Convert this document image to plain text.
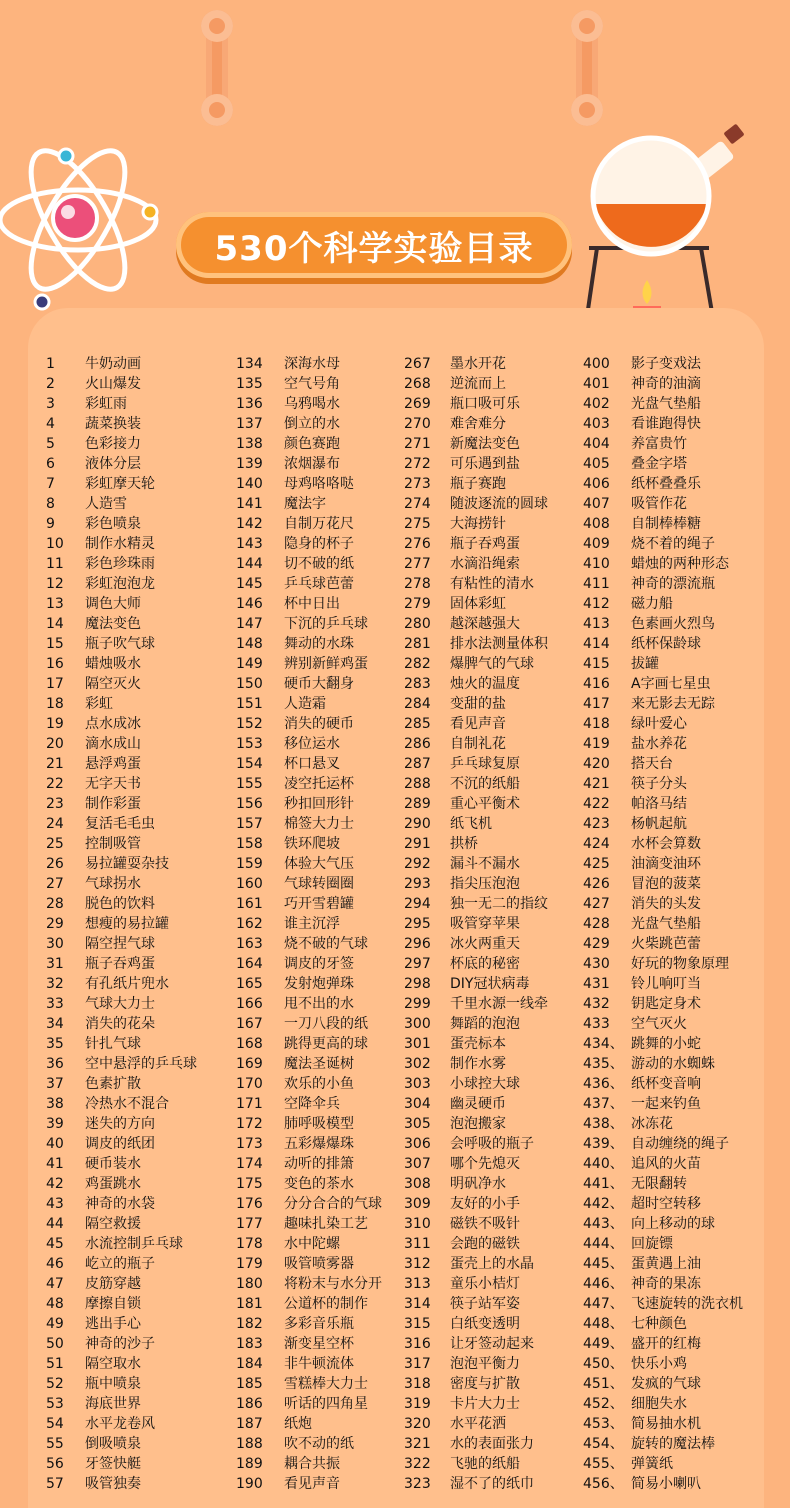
530个科学实验目录
1 牛奶动画
2 火山爆发
3 彩虹雨
4 蔬菜换装
5 色彩接力
6 液体分层
7 彩虹摩天轮
8 人造雪
9 彩色喷泉
10 制作水精灵
11 彩色珍珠雨
12 彩虹泡泡龙
13 调色大师
14 魔法变色
15 瓶子吹气球
16 蜡烛吸水
17 隔空灭火
18 彩虹
19 点水成冰
20 滴水成山
21 悬浮鸡蛋
22 无字天书
23 制作彩蛋
24 复活毛毛虫
25 控制吸管
26 易拉罐耍杂技
27 气球拐水
28 脱色的饮料
29 想瘦的易拉罐
30 隔空捏气球
31 瓶子吞鸡蛋
32 有孔纸片兜水
33 气球大力士
34 消失的花朵
35 针扎气球
36 空中悬浮的乒乓球
37 色素扩散
38 冷热水不混合
39 迷失的方向
40 调皮的纸团
41 硬币装水
42 鸡蛋跳水
43 神奇的水袋
44 隔空救援
45 水流控制乒乓球
46 屹立的瓶子
47 皮筋穿越
48 摩擦自锁
49 逃出手心
50 神奇的沙子
51 隔空取水
52 瓶中喷泉
53 海底世界
54 水平龙卷风
55 倒吸喷泉
56 牙签快艇
57 吸管独奏
134 深海水母
135 空气号角
136 乌鸦喝水
137 倒立的水
138 颜色赛跑
139 浓烟瀑布
140 母鸡咯咯哒
141 魔法字
142 自制万花尺
143 隐身的杯子
144 切不破的纸
145 乒乓球芭蕾
146 杯中日出
147 下沉的乒乓球
148 舞动的水珠
149 辨别新鲜鸡蛋
150 硬币大翻身
151 人造霜
152 消失的硬币
153 移位运水
154 杯口悬叉
155 凌空托运杯
156 秒扣回形针
157 棉签大力士
158 铁环爬坡
159 体验大气压
160 气球转圈圈
161 巧开雪碧罐
162 谁主沉浮
163 烧不破的气球
164 调皮的牙签
165 发射炮弹珠
166 甩不出的水
167 一刀八段的纸
168 跳得更高的球
169 魔法圣诞树
170 欢乐的小鱼
171 空降伞兵
172 肺呼吸模型
173 五彩爆爆珠
174 动听的排箫
175 变色的茶水
176 分分合合的气球
177 趣味扎染工艺
178 水中陀螺
179 吸管喷雾器
180 将粉末与水分开
181 公道杯的制作
182 多彩音乐瓶
183 渐变星空杯
184 非牛顿流体
185 雪糕棒大力士
186 听话的四角星
187 纸炮
188 吹不动的纸
189 耦合共振
190 看见声音
267 墨水开花
268 逆流而上
269 瓶口吸可乐
270 难舍难分
271 新魔法变色
272 可乐遇到盐
273 瓶子赛跑
274 随波逐流的圆球
275 大海捞针
276 瓶子吞鸡蛋
277 水滴沿绳索
278 有粘性的清水
279 固体彩虹
280 越深越强大
281 排水法测量体积
282 爆脾气的气球
283 烛火的温度
284 变甜的盐
285 看见声音
286 自制礼花
287 乒乓球复原
288 不沉的纸船
289 重心平衡术
290 纸飞机
291 拱桥
292 漏斗不漏水
293 指尖压泡泡
294 独一无二的指纹
295 吸管穿苹果
296 冰火两重天
297 杯底的秘密
298 DIY冠状病毒
299 千里水源一线牵
300 舞蹈的泡泡
301 蛋壳标本
302 制作水雾
303 小球控大球
304 幽灵硬币
305 泡泡搬家
306 会呼吸的瓶子
307 哪个先熄灭
308 明矾净水
309 友好的小手
310 磁铁不吸针
311 会跑的磁铁
312 蛋壳上的水晶
313 童乐小桔灯
314 筷子站军姿
315 白纸变透明
316 让牙签动起来
317 泡泡平衡力
318 密度与扩散
319 卡片大力士
320 水平花洒
321 水的表面张力
322 飞驰的纸船
323 湿不了的纸巾
400 影子变戏法
401 神奇的油滴
402 光盘气垫船
403 看谁跑得快
404 养富贵竹
405 叠金字塔
406 纸杯叠叠乐
407 吸管作花
408 自制棒棒糖
409 烧不着的绳子
410 蜡烛的两种形态
411 神奇的漂流瓶
412 磁力船
413 色素画火烈鸟
414 纸杯保龄球
415 拔罐
416 A字画七星虫
417 来无影去无踪
418 绿叶爱心
419 盐水养花
420 搭天台
421 筷子分头
422 帕洛马结
423 杨帆起航
424 水杯会算数
425 油滴变油环
426 冒泡的菠菜
427 消失的头发
428 光盘气垫船
429 火柴跳芭蕾
430 好玩的物象原理
431 铃儿响叮当
432 钥匙定身术
433 空气灭火
434、 跳舞的小蛇
435、 游动的水蜘蛛
436、 纸杯变音响
437、 一起来钓鱼
438、 冰冻花
439、 自动缠绕的绳子
440、 追风的火苗
441、 无限翻转
442、 超时空转移
443、 向上移动的球
444、 回旋镖
445、 蛋黄遇上油
446、 神奇的果冻
447、 飞速旋转的洗衣机
448、 七种颜色
449、 盛开的红梅
450、 快乐小鸡
451、 发疯的气球
452、 细胞失水
453、 简易抽水机
454、 旋转的魔法棒
455、 弹簧纸
456、 简易小喇叭
